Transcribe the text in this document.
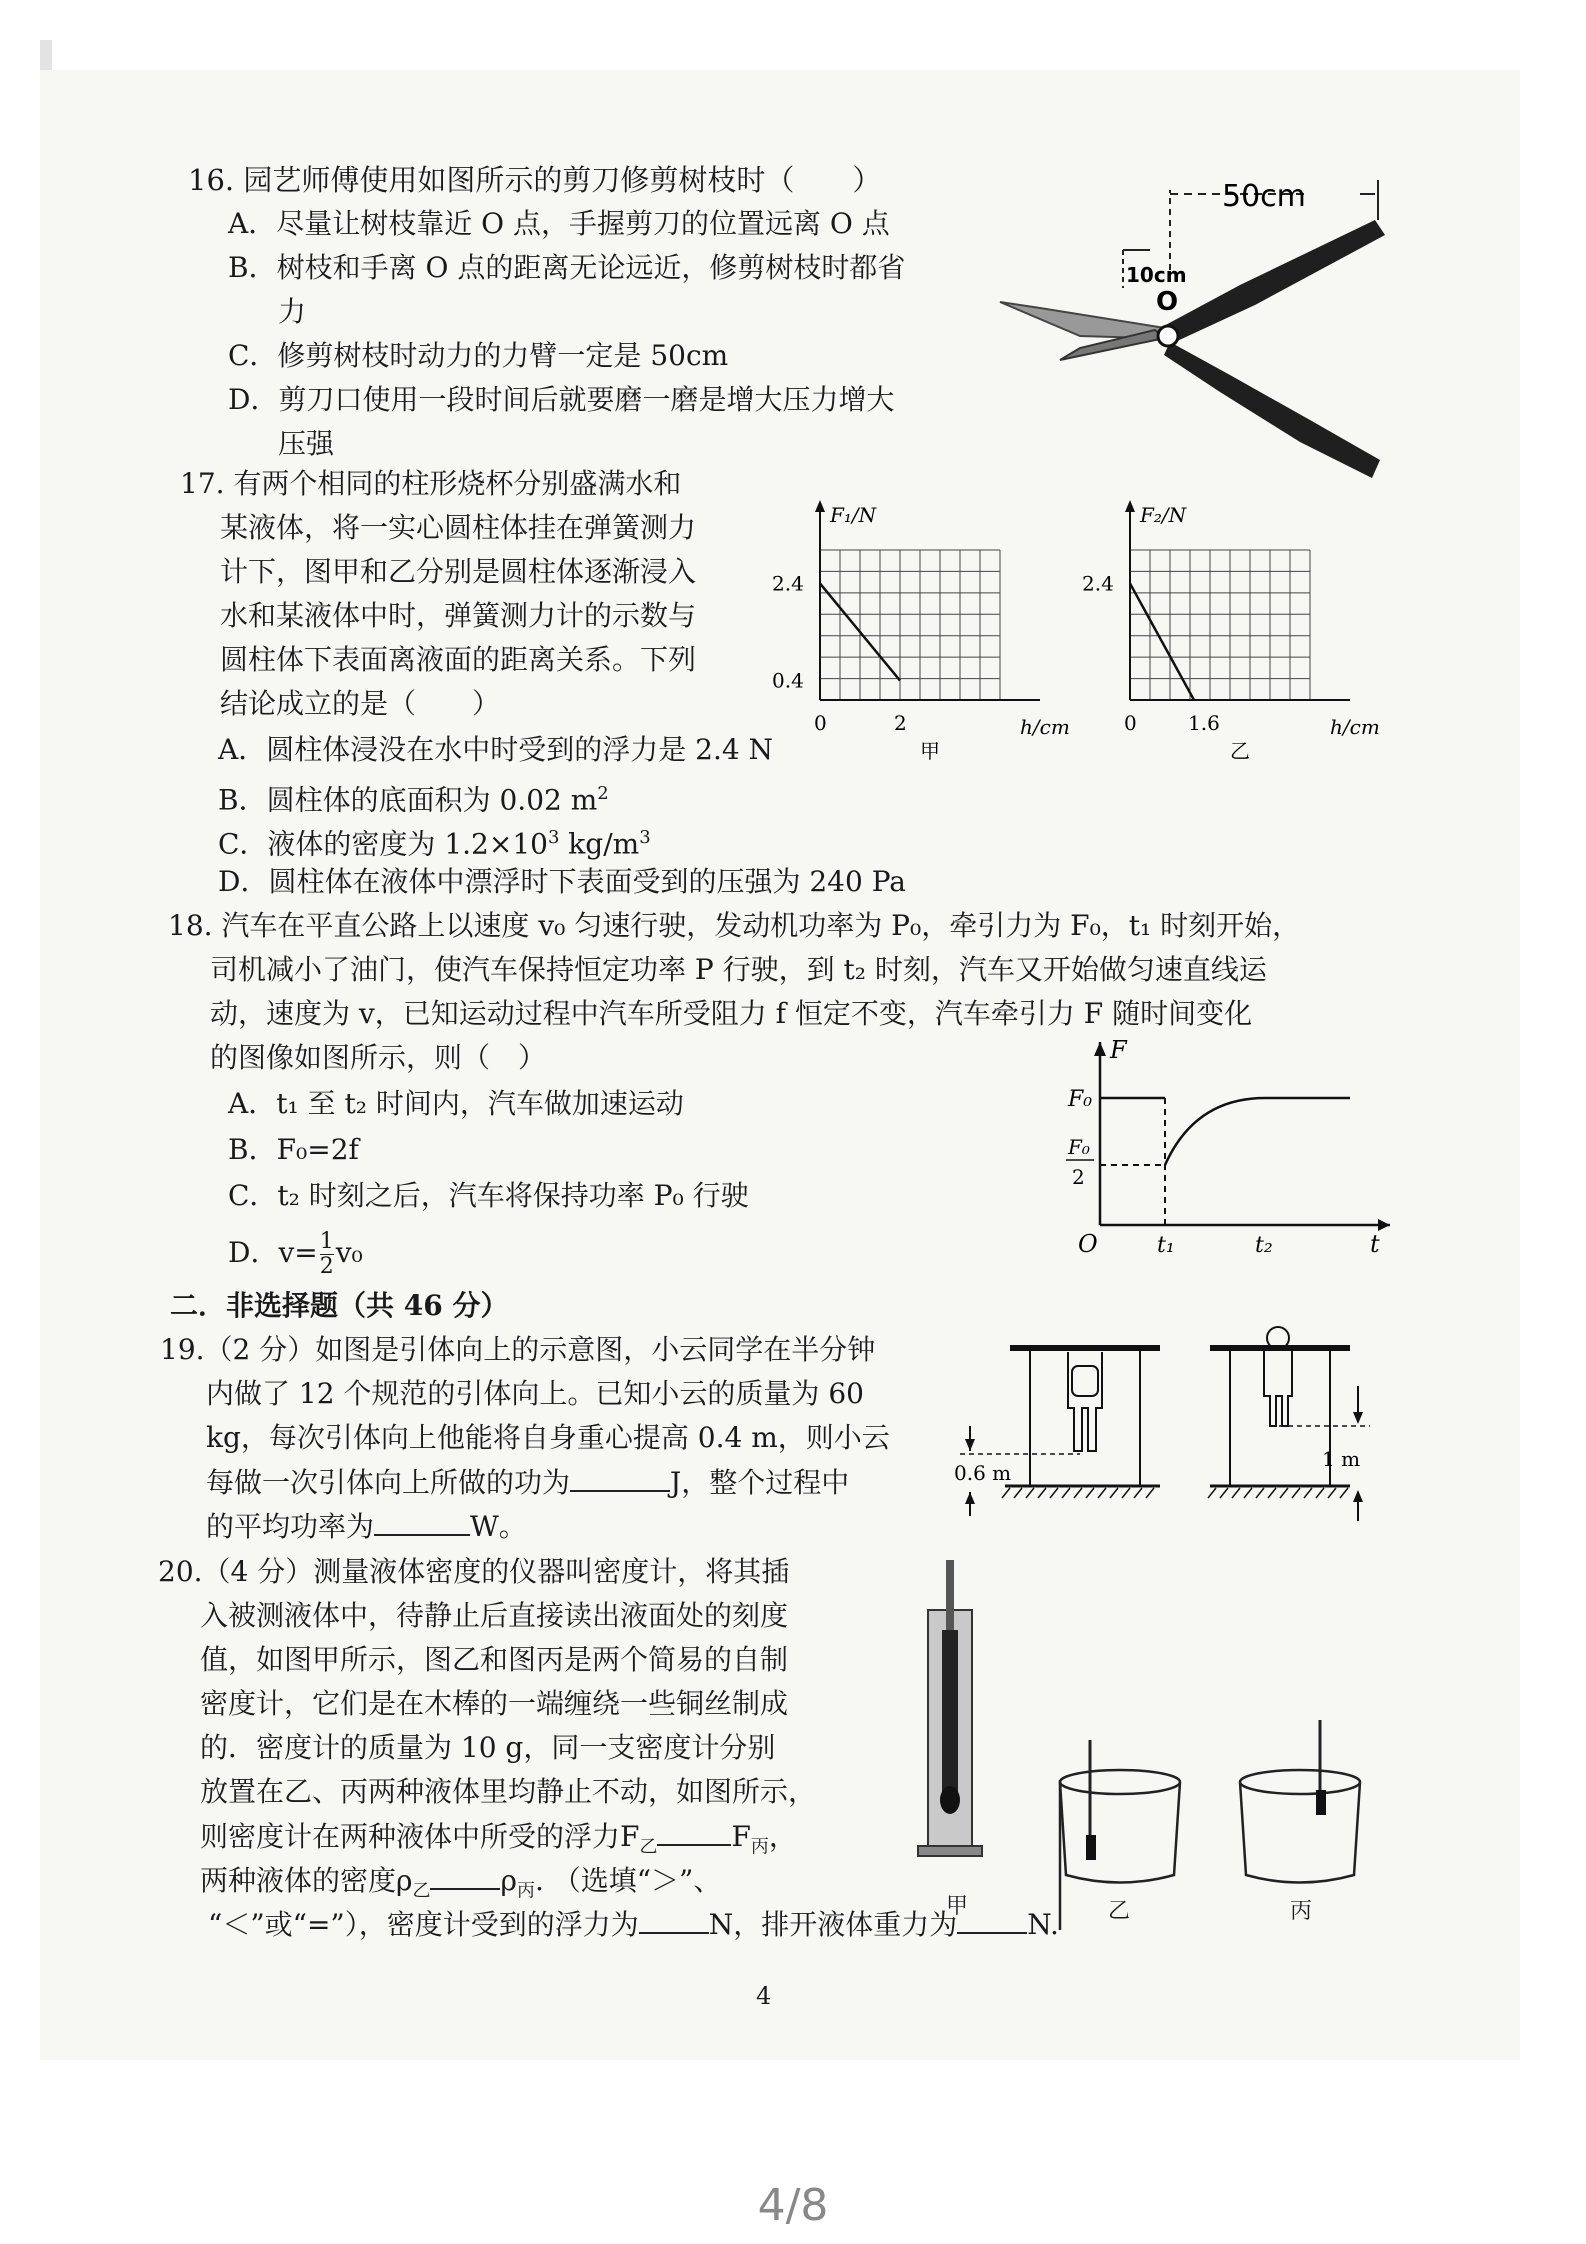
16. 园艺师傅使用如图所示的剪刀修剪树枝时（　　）
A．尽量让树枝靠近 O 点，手握剪刀的位置远离 O 点
B．树枝和手离 O 点的距离无论远近，修剪树枝时都省
力
C．修剪树枝时动力的力臂一定是 50cm
D．剪刀口使用一段时间后就要磨一磨是增大压力增大
压强
50cm
10cm
O
17. 有两个相同的柱形烧杯分别盛满水和
某液体，将一实心圆柱体挂在弹簧测力
计下，图甲和乙分别是圆柱体逐渐浸入
水和某液体中时，弹簧测力计的示数与
圆柱体下表面离液面的距离关系。下列
结论成立的是（　　）
F₁/N
h/cm
2.4
0.4
0	2
甲
F₂/N
h/cm
2.4
0	1.6
乙
A．圆柱体浸没在水中时受到的浮力是 2.4 N
B．圆柱体的底面积为 0.02 $m^2$
C．液体的密度为 $1.2\times 10^3$ $kg/m^3$
D．圆柱体在液体中漂浮时下表面受到的压强为 240 Pa
18. 汽车在平直公路上以速度 v₀ 匀速行驶，发动机功率为 P₀，牵引力为 F₀，t₁ 时刻开始，
司机减小了油门，使汽车保持恒定功率 P 行驶，到 t₂ 时刻，汽车又开始做匀速直线运
动，速度为 v，已知运动过程中汽车所受阻力 f 恒定不变，汽车牵引力 F 随时间变化
的图像如图所示，则（　）
A．t₁ 至 t₂ 时间内，汽车做加速运动
B．F₀=2f
C．t₂ 时刻之后，汽车将保持功率 P₀ 行驶
D．$v= \frac{1}{2} v_0$
F
F₀
F₀
2
O	t₁	t₂	t
二．非选择题（共 46 分）
19.（2 分）如图是引体向上的示意图，小云同学在半分钟
内做了 12 个规范的引体向上。已知小云的质量为 60
kg，每次引体向上他能将自身重心提高 0.4 m，则小云
每做一次引体向上所做的功为	J，整个过程中
的平均功率为	W。
0.6 m
1 m
20.（4 分）测量液体密度的仪器叫密度计，将其插
入被测液体中，待静止后直接读出液面处的刻度
值，如图甲所示，图乙和图丙是两个简易的自制
密度计，它们是在木棒的一端缠绕一些铜丝制成
的．密度计的质量为 10 g，同一支密度计分别
放置在乙、丙两种液体里均静止不动，如图所示，
则密度计在两种液体中所受的浮力$F_乙$	$F_丙$，
两种液体的密度$\rho_乙$	$\rho_丙$. （选填“＞”、
“＜”或“=”），密度计受到的浮力为	N，排开液体重力为	N.
甲	乙	丙
4
4/8
